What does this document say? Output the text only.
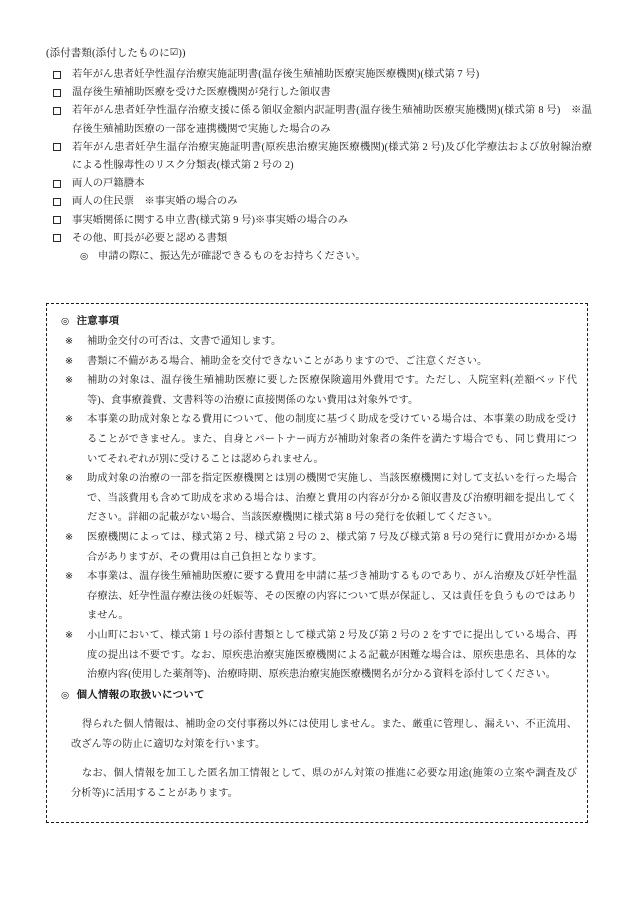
(添付書類(添付したものに☑))
若年がん患者妊孕性温存治療実施証明書(温存後生殖補助医療実施医療機関)(様式第 7 号)
温存後生殖補助医療を受けた医療機関が発行した領収書
若年がん患者妊孕性温存治療支援に係る領収金額内訳証明書(温存後生殖補助医療実施機関)(様式第 8 号)　※温存後生殖補助医療の一部を連携機関で実施した場合のみ
若年がん患者妊孕生温存治療実施証明書(原疾患治療実施医療機関)(様式第 2 号)及び化学療法および放射線治療による性腺毒性のリスク分類表(様式第 2 号の 2)
両人の戸籍謄本
両人の住民票　※事実婚の場合のみ
事実婚関係に関する申立書(様式第 9 号)※事実婚の場合のみ
その他、町長が必要と認める書類
◎ 申請の際に、振込先が確認できるものをお持ちください。
◎ 注意事項
※ 補助金交付の可否は、文書で通知します。
※ 書類に不備がある場合、補助金を交付できないことがありますので、ご注意ください。
※ 補助の対象は、温存後生殖補助医療に要した医療保険適用外費用です。ただし、入院室料(差額ベッド代等)、食事療養費、文書料等の治療に直接関係のない費用は対象外です。
※ 本事業の助成対象となる費用について、他の制度に基づく助成を受けている場合は、本事業の助成を受けることができません。また、自身とパートナー両方が補助対象者の条件を満たす場合でも、同じ費用についてそれぞれが別に受けることは認められません。
※ 助成対象の治療の一部を指定医療機関とは別の機関で実施し、当該医療機関に対して支払いを行った場合で、当該費用も含めて助成を求める場合は、治療と費用の内容が分かる領収書及び治療明細を提出してください。詳細の記載がない場合、当該医療機関に様式第 8 号の発行を依頼してください。
※ 医療機関によっては、様式第 2 号、様式第 2 号の 2、様式第 7 号及び様式第 8 号の発行に費用がかかる場合がありますが、その費用は自己負担となります。
※ 本事業は、温存後生殖補助医療に要する費用を申請に基づき補助するものであり、がん治療及び妊孕性温存療法、妊孕性温存療法後の妊娠等、その医療の内容について県が保証し、又は責任を負うものではありません。
※ 小山町において、様式第 1 号の添付書類として様式第 2 号及び第 2 号の 2 をすでに提出している場合、再度の提出は不要です。なお、原疾患治療実施医療機関による記載が困難な場合は、原疾患患名、具体的な治療内容(使用した薬剤等)、治療時期、原疾患治療実施医療機関名が分かる資料を添付してください。
◎ 個人情報の取扱いについて

得られた個人情報は、補助金の交付事務以外には使用しません。また、厳重に管理し、漏えい、不正流用、改ざん等の防止に適切な対策を行います。

なお、個人情報を加工した匿名加工情報として、県のがん対策の推進に必要な用途(施策の立案や調査及び分析等)に活用することがあります。
